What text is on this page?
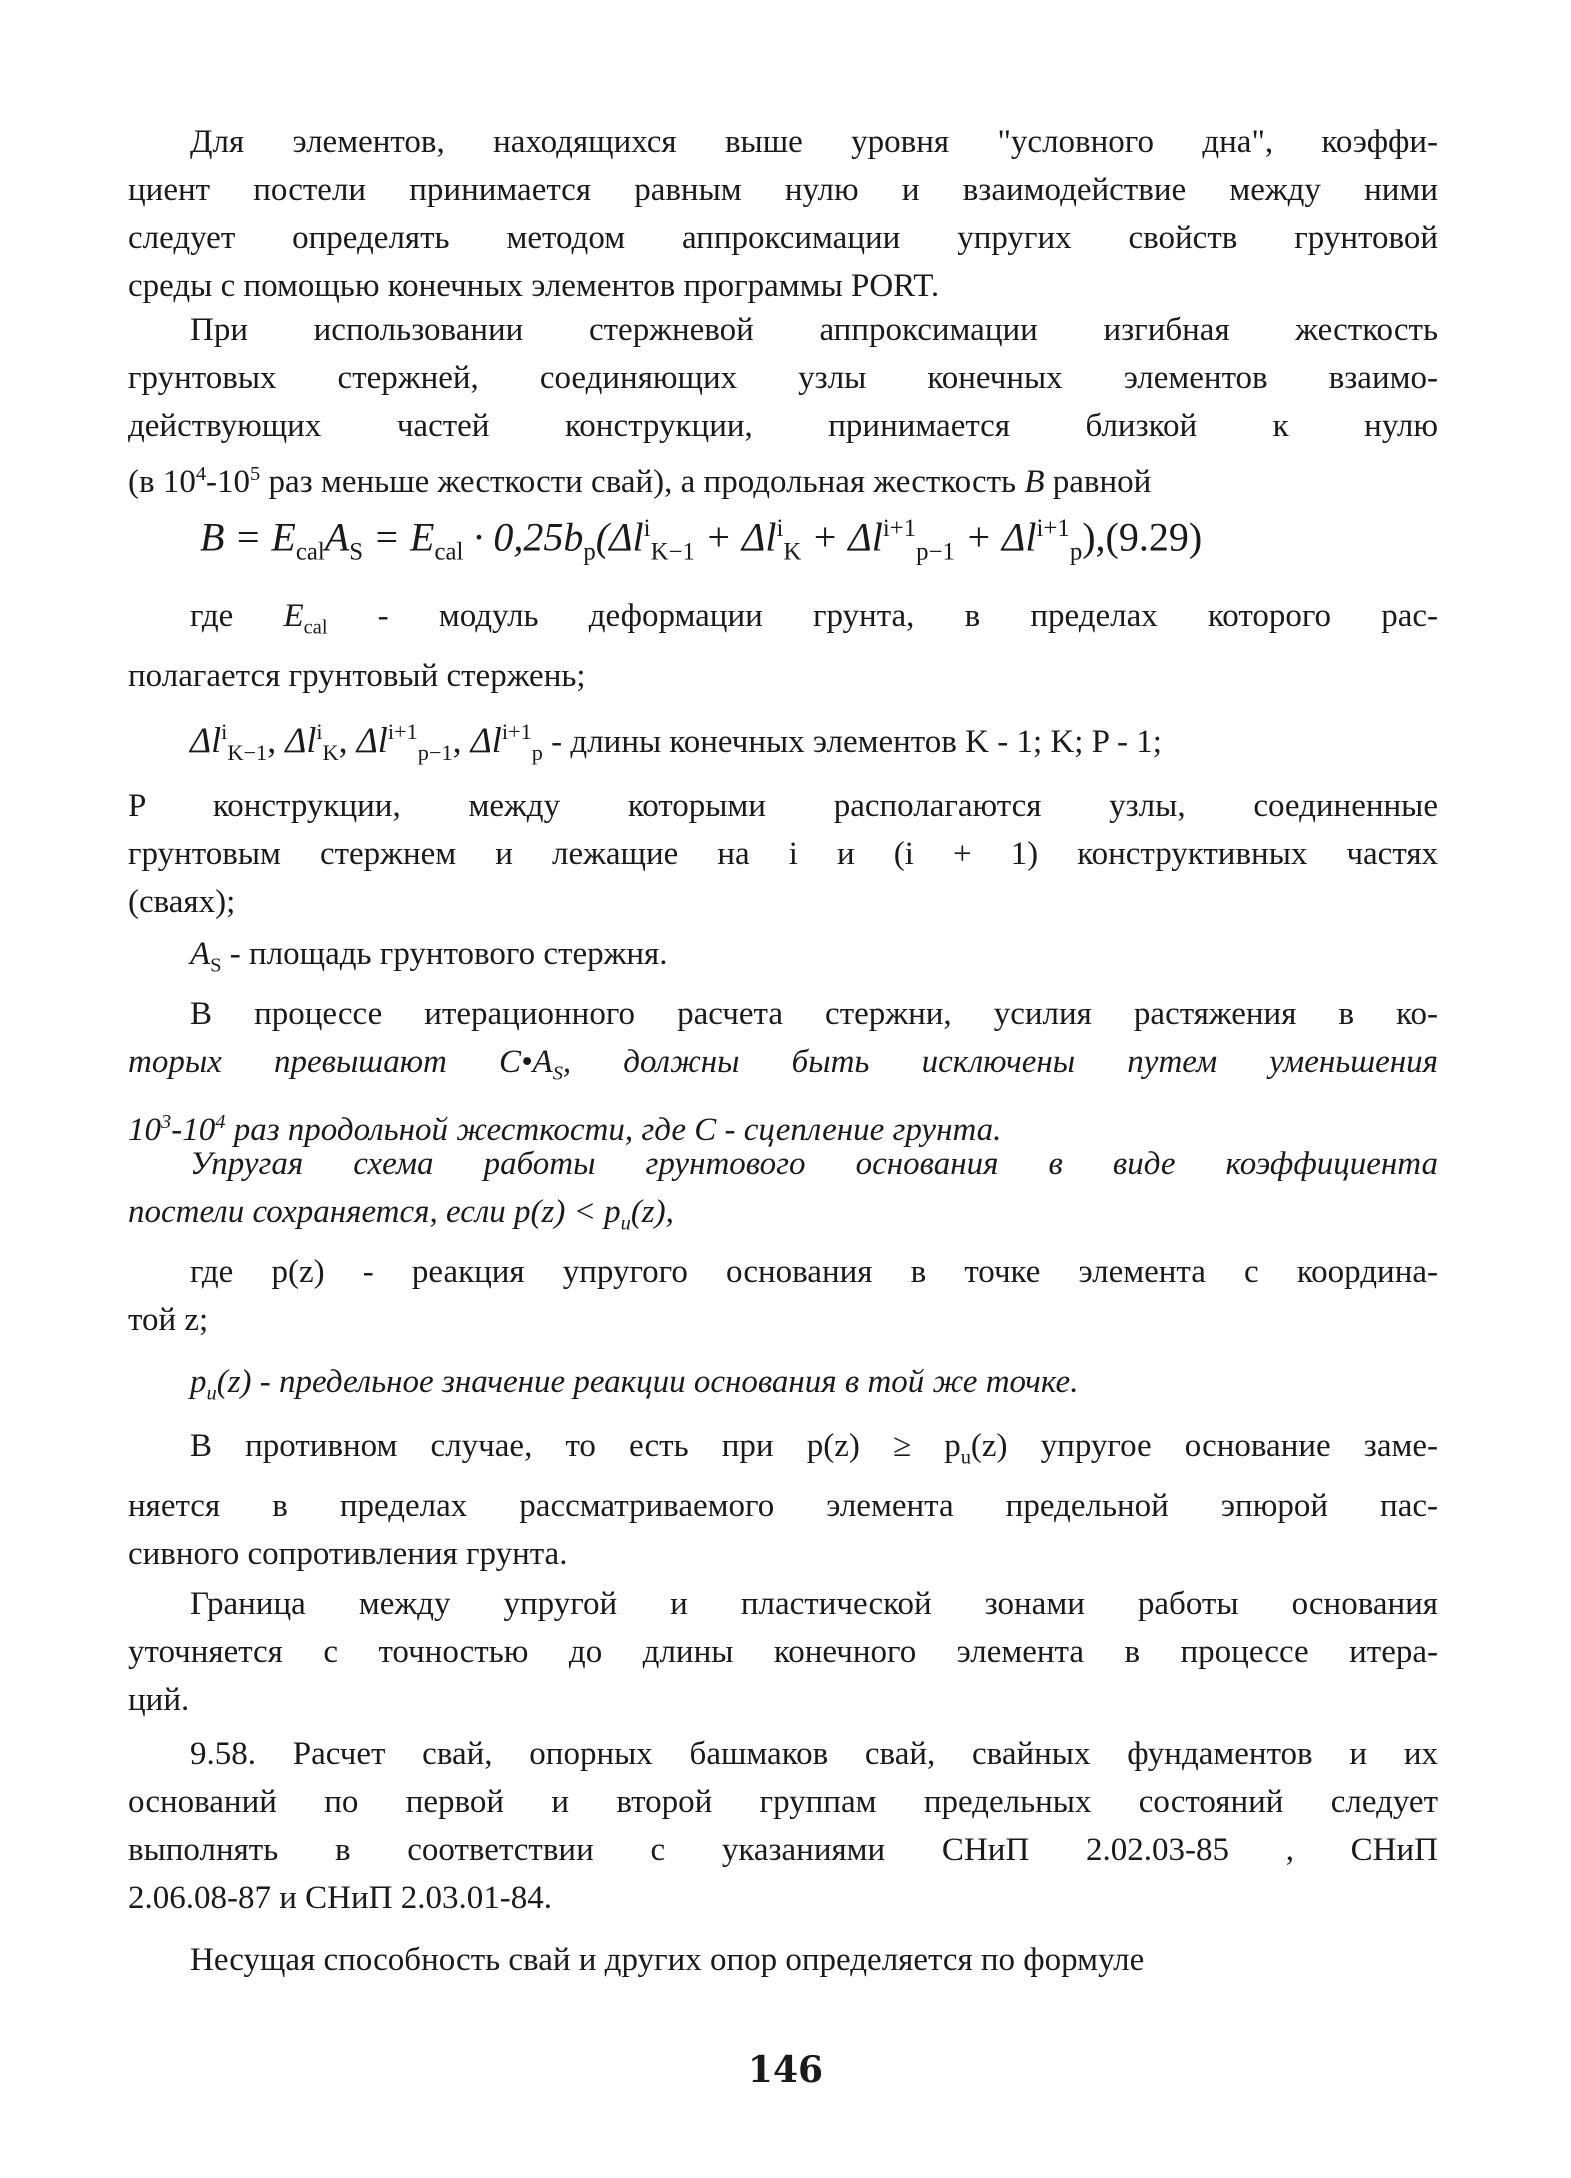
Для элементов, находящихся выше уровня "условного дна", коэффи-
циент постели принимается равным нулю и взаимодействие между ними
следует определять методом аппроксимации упругих свойств грунтовой
среды с помощью конечных элементов программы PORT.
При использовании стержневой аппроксимации изгибная жесткость
грунтовых стержней, соединяющих узлы конечных элементов взаимо-
действующих частей конструкции, принимается близкой к нулю
(в $10^4-10^5$ раз меньше жесткости свай), а продольная жесткость B равной
$B = E_{cal}A_S = E_{cal} \cdot 0,25b_p(\Delta l^i_{K-1} + \Delta l^i_K + \Delta l^{i+1}_{p-1} + \Delta l^{i+1}_p),(9.29)$
где $E_{cal}$ - модуль деформации грунта, в пределах которого рас-
полагается грунтовый стержень;
$\Delta l^i_{K-1}$, $\Delta l^i_K$, $\Delta l^{i+1}_{p-1}$, $\Delta l^{i+1}_p$ - длины конечных элементов K - 1; K; P - 1;
P конструкции, между которыми располагаются узлы, соединенные
грунтовым стержнем и лежащие на i и (i + 1) конструктивных частях
(сваях);
$A_S$ - площадь грунтового стержня.
В процессе итерационного расчета стержни, усилия растяжения в ко-
торых превышают $C•A_S$, должны быть исключены путем уменьшения
$10^3-10^4$ раз продольной жесткости, где С - сцепление грунта.
Упругая схема работы грунтового основания в виде коэффициента
постели сохраняется, если $p(z) < p_u(z)$,
где p(z) - реакция упругого основания в точке элемента с координа-
той z;
$p_u(z)$ - предельное значение реакции основания в той же точке.
В противном случае, то есть при $p(z) \ge p_u(z)$ упругое основание заме-
няется в пределах рассматриваемого элемента предельной эпюрой пас-
сивного сопротивления грунта.
Граница между упругой и пластической зонами работы основания
уточняется с точностью до длины конечного элемента в процессе итера-
ций.
9.58. Расчет свай, опорных башмаков свай, свайных фундаментов и их
оснований по первой и второй группам предельных состояний следует
выполнять в соответствии с указаниями СНиП 2.02.03-85 , СНиП
2.06.08-87 и СНиП 2.03.01-84.
Несущая способность свай и других опор определяется по формуле
146
